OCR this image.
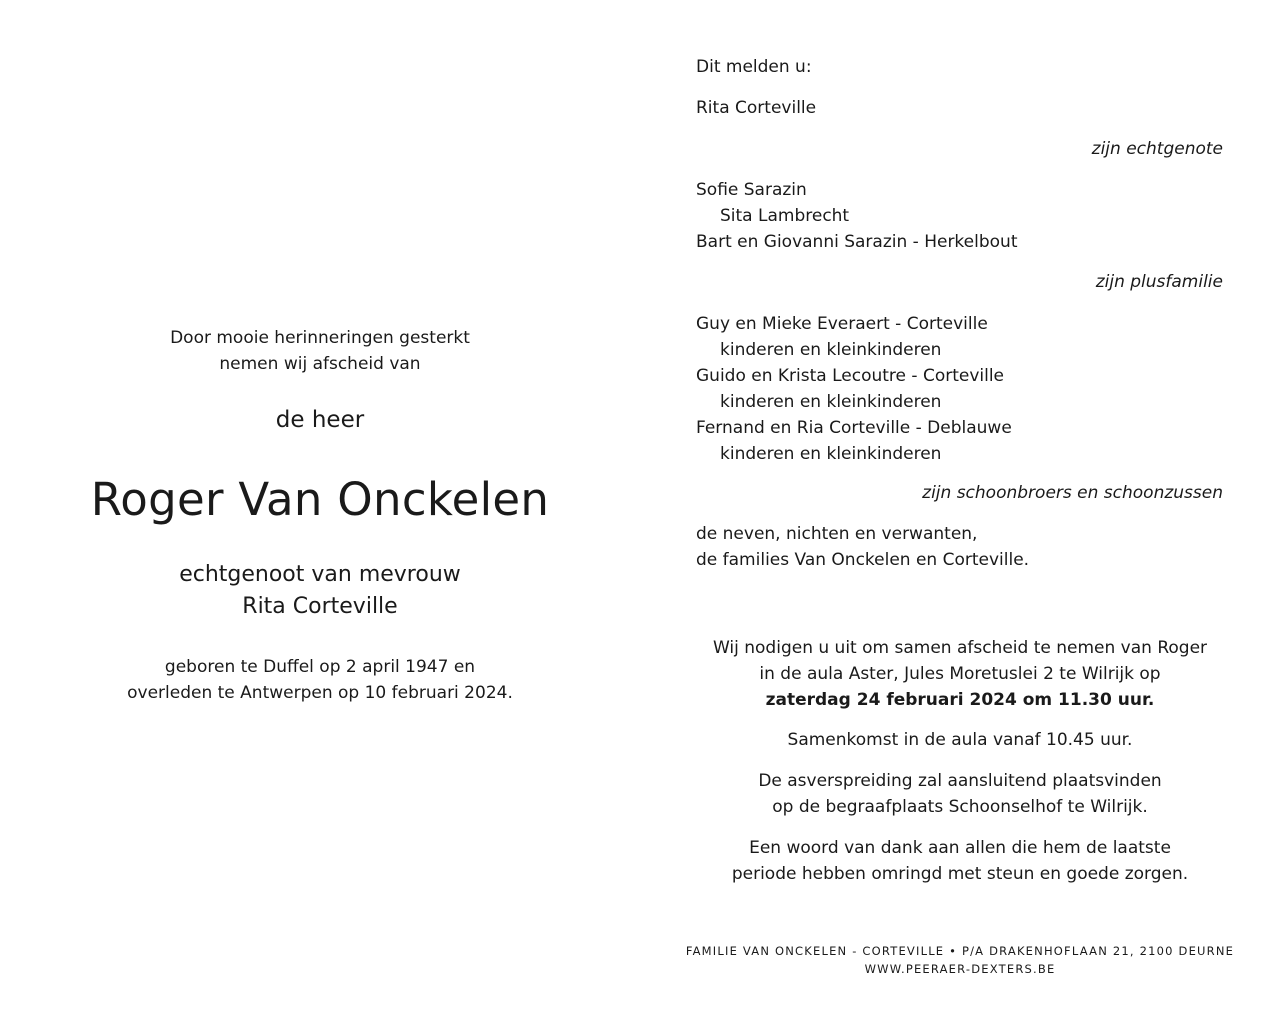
Door mooie herinneringen gesterkt
nemen wij afscheid van
de heer
Roger Van Onckelen
echtgenoot van mevrouw
Rita Corteville
geboren te Duffel op 2 april 1947 en
overleden te Antwerpen op 10 februari 2024.
Dit melden u:
Rita Corteville
zijn echtgenote
Sofie Sarazin
Sita Lambrecht
Bart en Giovanni Sarazin - Herkelbout
zijn plusfamilie
Guy en Mieke Everaert - Corteville
kinderen en kleinkinderen
Guido en Krista Lecoutre - Corteville
kinderen en kleinkinderen
Fernand en Ria Corteville - Deblauwe
kinderen en kleinkinderen
zijn schoonbroers en schoonzussen
de neven, nichten en verwanten,
de families Van Onckelen en Corteville.
Wij nodigen u uit om samen afscheid te nemen van Roger
in de aula Aster, Jules Moretuslei 2 te Wilrijk op
zaterdag 24 februari 2024 om 11.30 uur.
Samenkomst in de aula vanaf 10.45 uur.
De asverspreiding zal aansluitend plaatsvinden
op de begraafplaats Schoonselhof te Wilrijk.
Een woord van dank aan allen die hem de laatste
periode hebben omringd met steun en goede zorgen.
FAMILIE VAN ONCKELEN - CORTEVILLE • P/A DRAKENHOFLAAN 21, 2100 DEURNE
WWW.PEERAER-DEXTERS.BE
